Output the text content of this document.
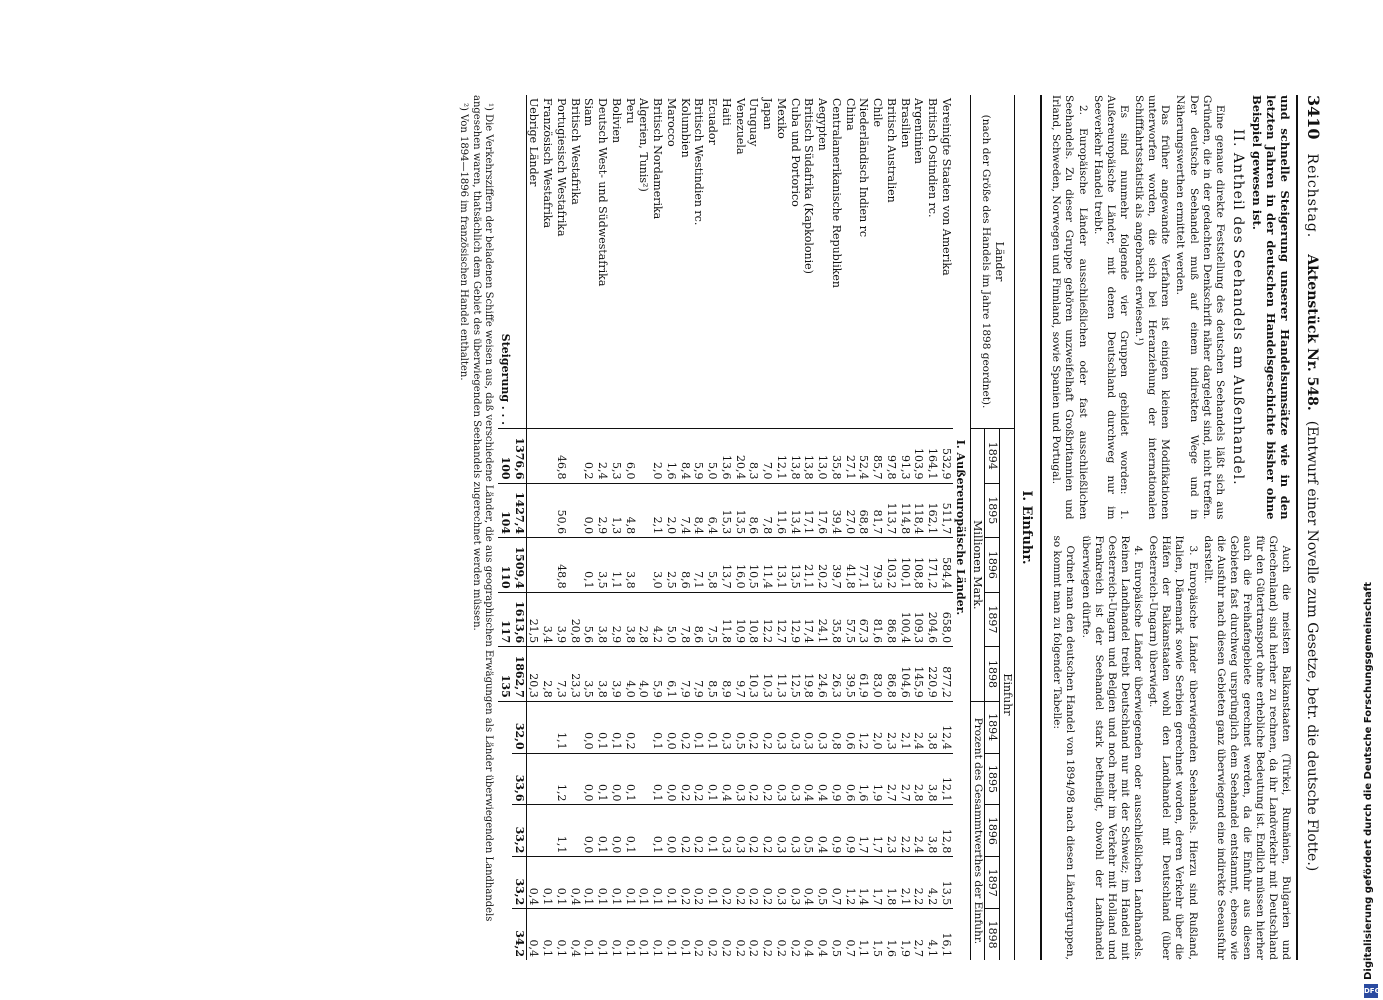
3410
Reichstag.
Aktenstück Nr. 548.
(Entwurf einer Novelle zum Gesetze, betr. die deutsche Flotte.)

und schnelle Steigerung unserer Handelsumsätze wie in den letzten Jahren in der deutschen Handelsgeschichte bisher ohne Beispiel gewesen ist.

II. Antheil des Seehandels am Außenhandel.

Eine genaue direkte Feststellung des deutschen Seehandels läßt sich aus Gründen, die in der gedachten Denkschrift näher dargelegt sind, nicht treffen. Der deutsche Seehandel muß auf einem indirekten Wege und in Näherungswerthen ermittelt werden.

Das früher angewandte Verfahren ist einigen kleinen Modifikationen unterworfen worden, die sich bei Heranziehung der internationalen Schifffahrtsstatistik als angebracht erwiesen.¹)

Es sind nunmehr folgende vier Gruppen gebildet worden: 1. Außereuropäische Länder, mit denen Deutschland durchweg nur im Seeverkehr Handel treibt.

2. Europäische Länder ausschließlichen oder fast ausschließlichen Seehandels. Zu dieser Gruppe gehören unzweifelhaft Großbritannien und Irland, Schweden, Norwegen und Finnland, sowie Spanien und Portugal.

Auch die meisten Balkanstaaten (Türkei, Rumänien, Bulgarien und Griechenland) sind hierher zu rechnen, da ihr Landverkehr mit Deutschland für den Gütertransport ohne erhebliche Bedeutung ist. Endlich müssen hierher auch die Freihafengebiete gerechnet werden, da die Einfuhr aus diesen Gebieten fast durchweg ursprünglich dem Seehandel entstammt, ebenso wie die Ausfuhr nach diesen Gebieten ganz überwiegend eine indirekte Seeausfuhr darstellt.

3. Europäische Länder überwiegenden Seehandels. Hierzu sind Rußland, Italien, Dänemark sowie Serbien gerechnet worden, deren Verkehr über die Häfen der Balkanstaaten wohl den Landhandel mit Deutschland (über Oesterreich-Ungarn) überwiegt.

4. Europäische Länder überwiegenden oder ausschließlichen Landhandels. Reinen Landhandel treibt Deutschland nur mit der Schweiz; im Handel mit Oesterreich-Ungarn und Belgien und noch mehr im Verkehr mit Holland und Frankreich ist der Seehandel stark betheiligt, obwohl der Landhandel überwiegen dürfte.

Ordnet man den deutschen Handel von 1894/98 nach diesen Ländergruppen, so kommt man zu folgender Tabelle:

I. Einfuhr.
Länder
(nach der Größe des Handels im Jahre 1898 geordnet).	Einfuhr									
	1894	1895	1896	1897	1898	1894	1895	1896	1897	1898
	Millionen Mark.					Prozent des Gesammtwerthes der Einfuhr.				
I. Außereuropäische Länder.										
Vereinigte Staaten von Amerika	532,9	511,7	584,4	658,0	877,2	12,4	12,1	12,8	13,5	16,1
Britisch Ostindien rc.	164,1	162,1	171,2	204,6	220,9	3,8	3,8	3,8	4,2	4,1
Argentinien	103,9	118,4	108,8	109,3	145,9	2,4	2,8	2,4	2,2	2,7
Brasilien	91,3	114,8	100,1	100,4	104,6	2,1	2,7	2,2	2,1	1,9
Britisch Australien	97,8	113,7	103,2	86,8	86,8	2,3	2,7	2,3	1,8	1,6
Chile	85,7	81,7	79,3	81,6	83,0	2,0	1,9	1,7	1,7	1,5
Niederländisch Indien rc	52,4	68,8	77,1	67,3	61,9	1,2	1,6	1,7	1,4	1,1
China	27,1	27,0	41,8	57,5	39,5	0,6	0,6	0,9	1,2	0,7
Centralamerikanische Republiken	35,8	39,4	39,7	35,8	26,3	0,8	0,9	0,9	0,7	0,5
Aegypten	13,0	17,6	20,2	24,1	24,6	0,3	0,4	0,4	0,5	0,4
Britisch Südafrika (Kapkolonie)	13,8	17,1	21,1	17,4	19,8	0,3	0,4	0,5	0,4	0,4
Cuba und Portorico	13,8	13,4	13,5	12,9	12,5	0,3	0,3	0,3	0,3	0,2
Mexiko	12,1	11,6	13,1	12,7	11,3	0,3	0,3	0,3	0,3	0,2
Japan	7,0	7,8	11,4	12,2	10,3	0,2	0,2	0,2	0,2	0,2
Uruguay	8,3	8,6	10,5	10,8	10,3	0,2	0,2	0,2	0,2	0,2
Venezuela	20,4	13,5	16,0	10,9	9,7	0,5	0,3	0,3	0,2	0,2
Haiti	13,6	15,3	13,7	11,8	8,9	0,3	0,4	0,3	0,2	0,2
Ecuador	5,0	6,4	5,8	7,5	8,5	0,1	0,1	0,1	0,1	0,2
Britisch Westindien rc.	5,9	8,4	7,1	8,6	7,9	0,1	0,2	0,2	0,2	0,2
Kolumbien	8,4	7,4	8,6	7,8	7,9	0,2	0,2	0,2	0,2	0,1
Marocco	1,6	2,0	2,5	5,0	6,1	0,0	0,0	0,0	0,1	0,1
Britisch Nordamerika	2,0	2,1	3,0	4,2	5,9	0,1	0,1	0,1	0,1	0,1
Algerien, Tunis²)				2,8	4,0				0,1	0,1
Peru	6,0	4,8	3,8	3,8	4,0	0,2	0,1	0,1	0,1	0,1
Bolivien	5,3	1,3	1,1	2,9	3,9	0,1	0,0	0,0	0,1	0,1
Deutsch West- und Südwestafrika	2,4	2,9	3,5	3,8	3,8	0,1	0,1	0,1	0,1	0,1
Siam	0,2	0,0	0,1	5,6	3,5	0,0	0,0	0,0	0,1	0,1
Britisch Westafrika				20,8	23,3				0,4	0,4
Portugiesisch Westafrika	46,8	50,6	48,8	3,9	7,3	1,1	1,2	1,1	0,1	0,1
Französisch Westafrika				3,4	2,8				0,1	0,1
Uebrige Länder				21,5	20,3				0,4	0,4
	1376,6	1427,4	1509,4	1613,6	1862,7	32,0	33,6	33,2	33,2	34,2
Steigerung . . .	100	104	110	117	135					

¹) Die Verkehrsziffern der beladenen Schiffe weisen aus, daß verschiedene Länder, die aus geographischen Erwägungen als Länder überwiegenden Landhandels angesehen waren, thatsächlich dem Gebiet des überwiegenden Seehandels zugerechnet werden müssen.

²) Von 1894—1896 im französischen Handel enthalten.

Digitalisierung gefördert durch die Deutsche Forschungsgemeinschaft
DFG
